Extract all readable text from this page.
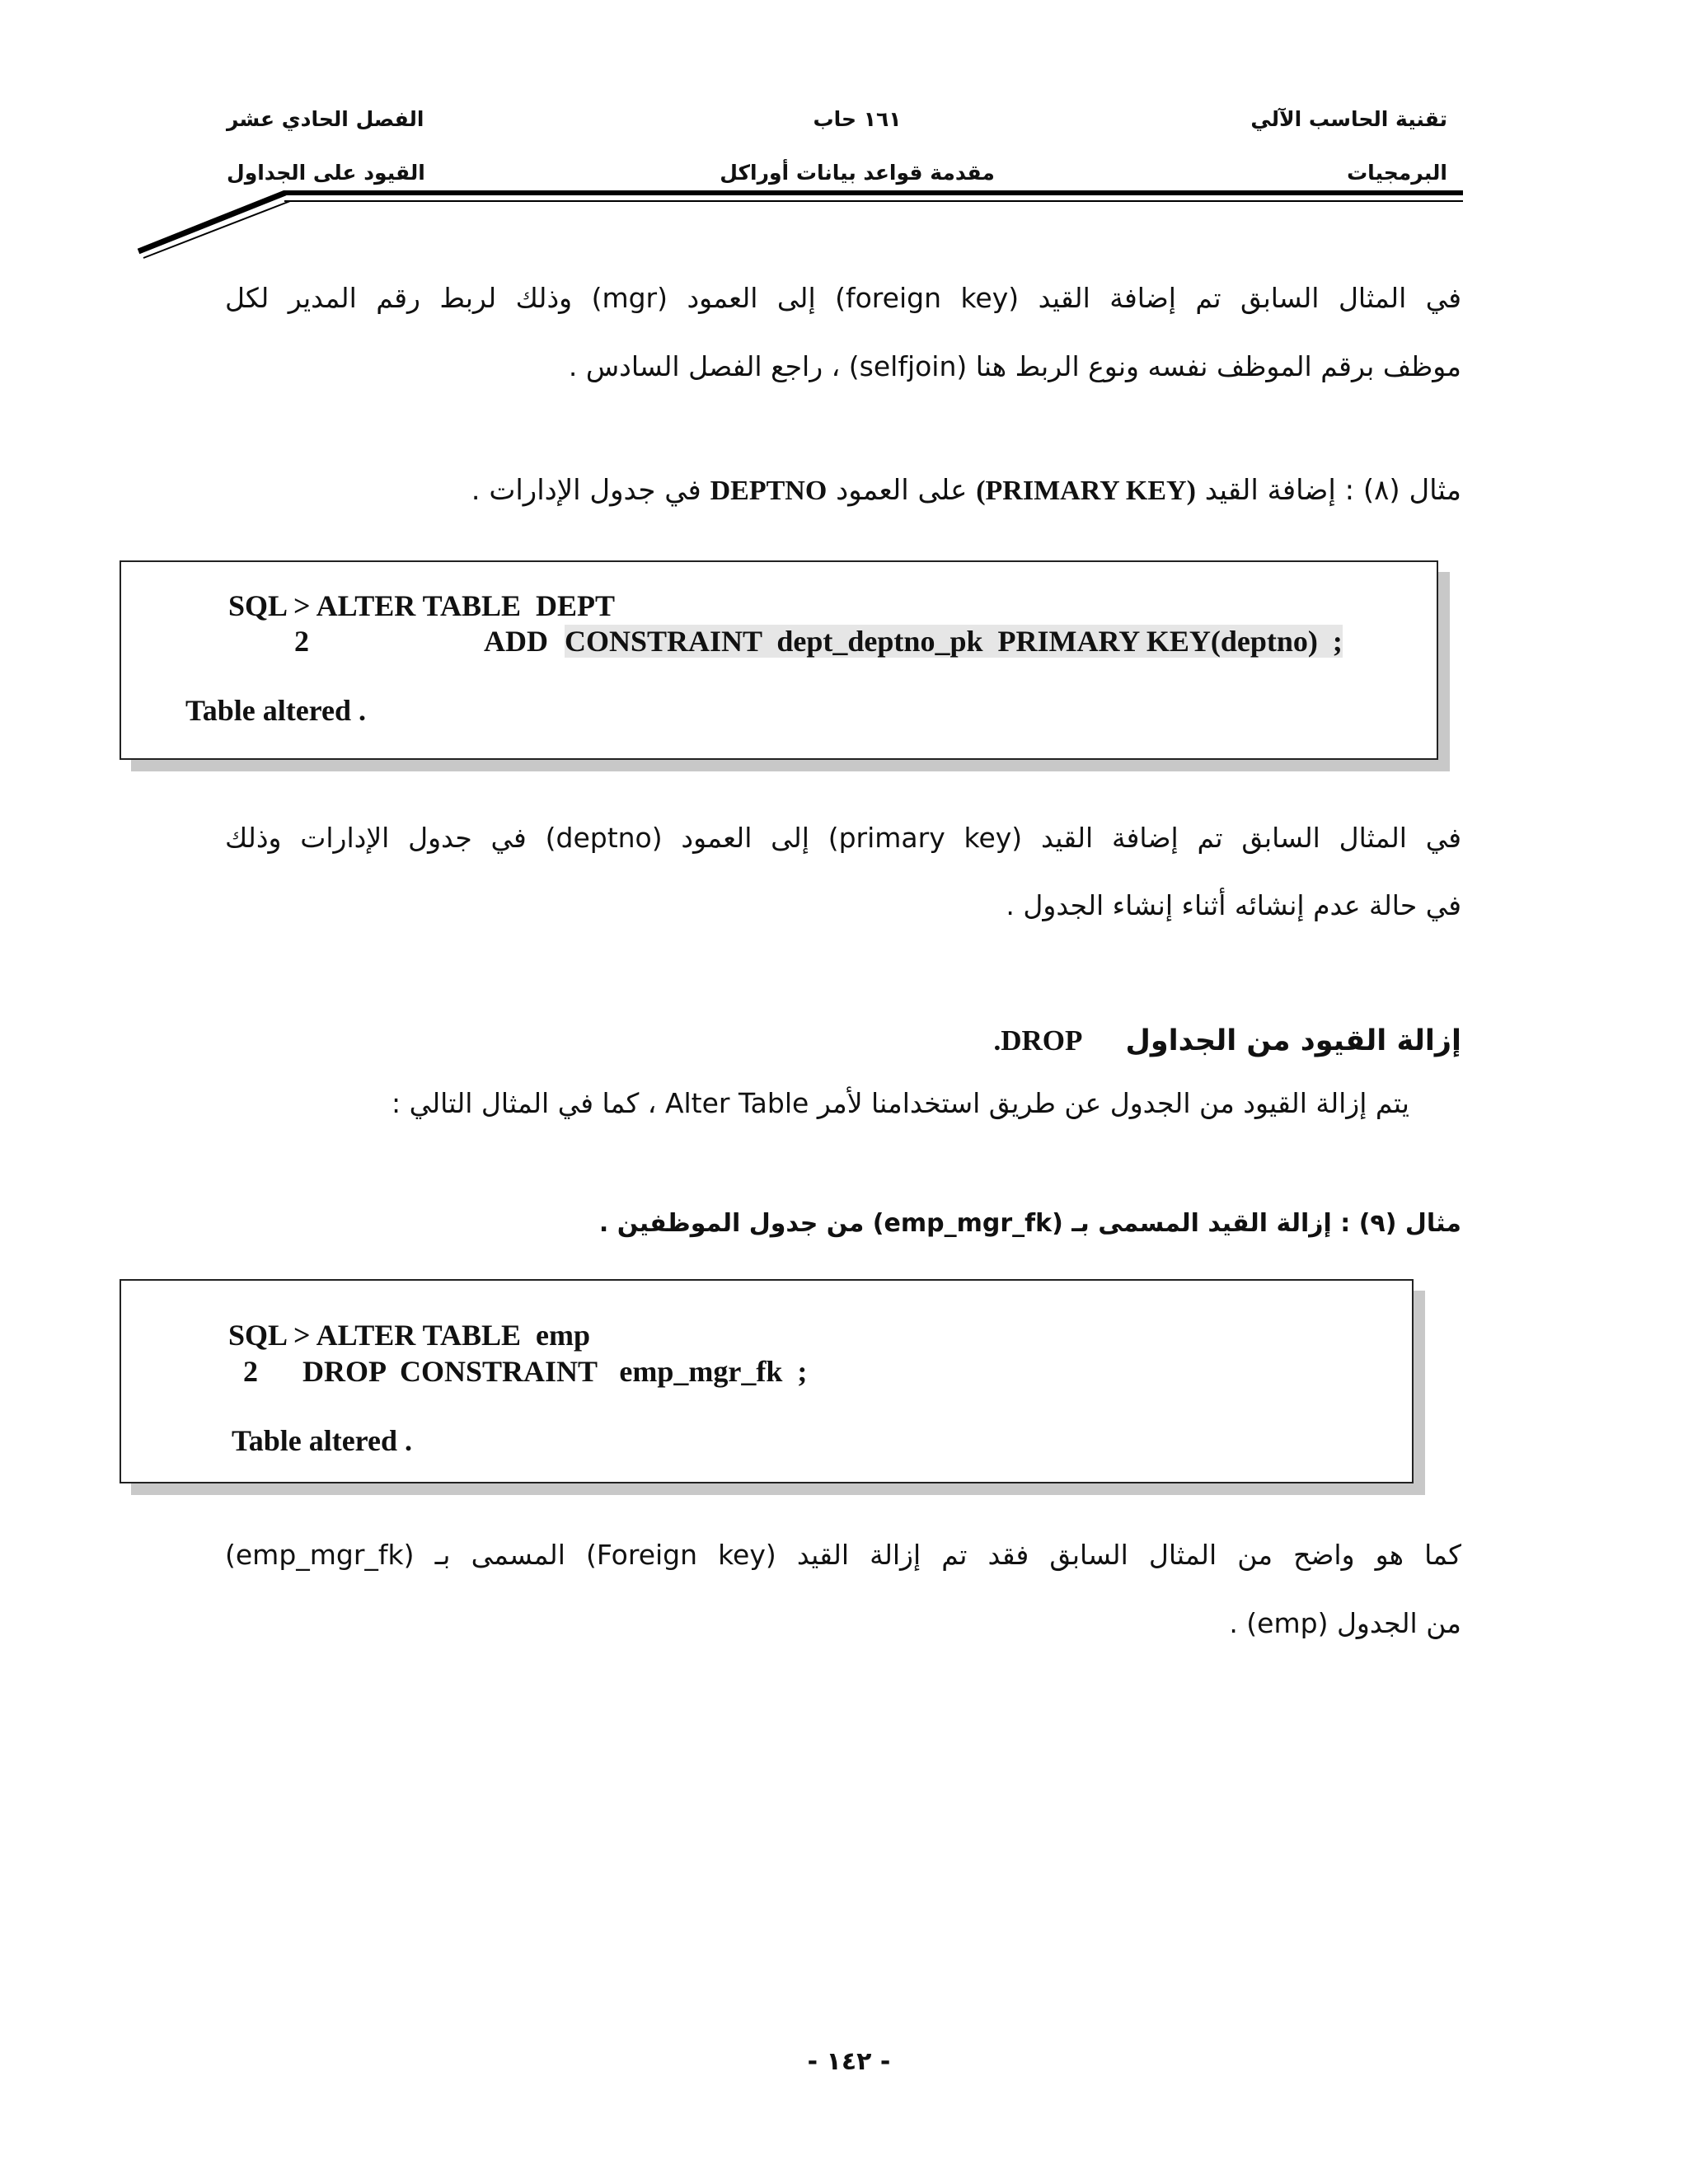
تقنية الحاسب الآلي
١٦١ حاب
الفصل الحادي عشر
البرمجيات
مقدمة قواعد بيانات أوراكل
القيود على الجداول
في المثال السابق تم إضافة القيد (foreign key) إلى العمود (mgr) وذلك لربط رقم المدير لكل
موظف برقم الموظف نفسه ونوع الربط هنا (selfjoin) ، راجع الفصل السادس .
مثال (٨) : إضافة القيد (PRIMARY KEY) على العمود DEPTNO في جدول الإدارات .
SQL > ALTER TABLE  DEPT
2	ADD CONSTRAINT  dept_deptno_pk  PRIMARY KEY(deptno)  ;
Table altered .
في المثال السابق تم إضافة القيد (primary key) إلى العمود (deptno) في جدول الإدارات وذلك
في حالة عدم إنشائه أثناء إنشاء الجدول .
إزالة القيود من الجداول DROP.
يتم إزالة القيود من الجدول عن طريق استخدامنا لأمر Alter Table ، كما في المثال التالي :
مثال (٩) : إزالة القيد المسمى بـ (emp_mgr_fk) من جدول الموظفين .
SQL > ALTER TABLE  emp
2      DROP  CONSTRAINT   emp_mgr_fk  ;
Table altered .
كما هو واضح من المثال السابق فقد تم إزالة القيد (Foreign key) المسمى بـ (emp_mgr_fk)
من الجدول (emp) .
- ١٤٢ -
